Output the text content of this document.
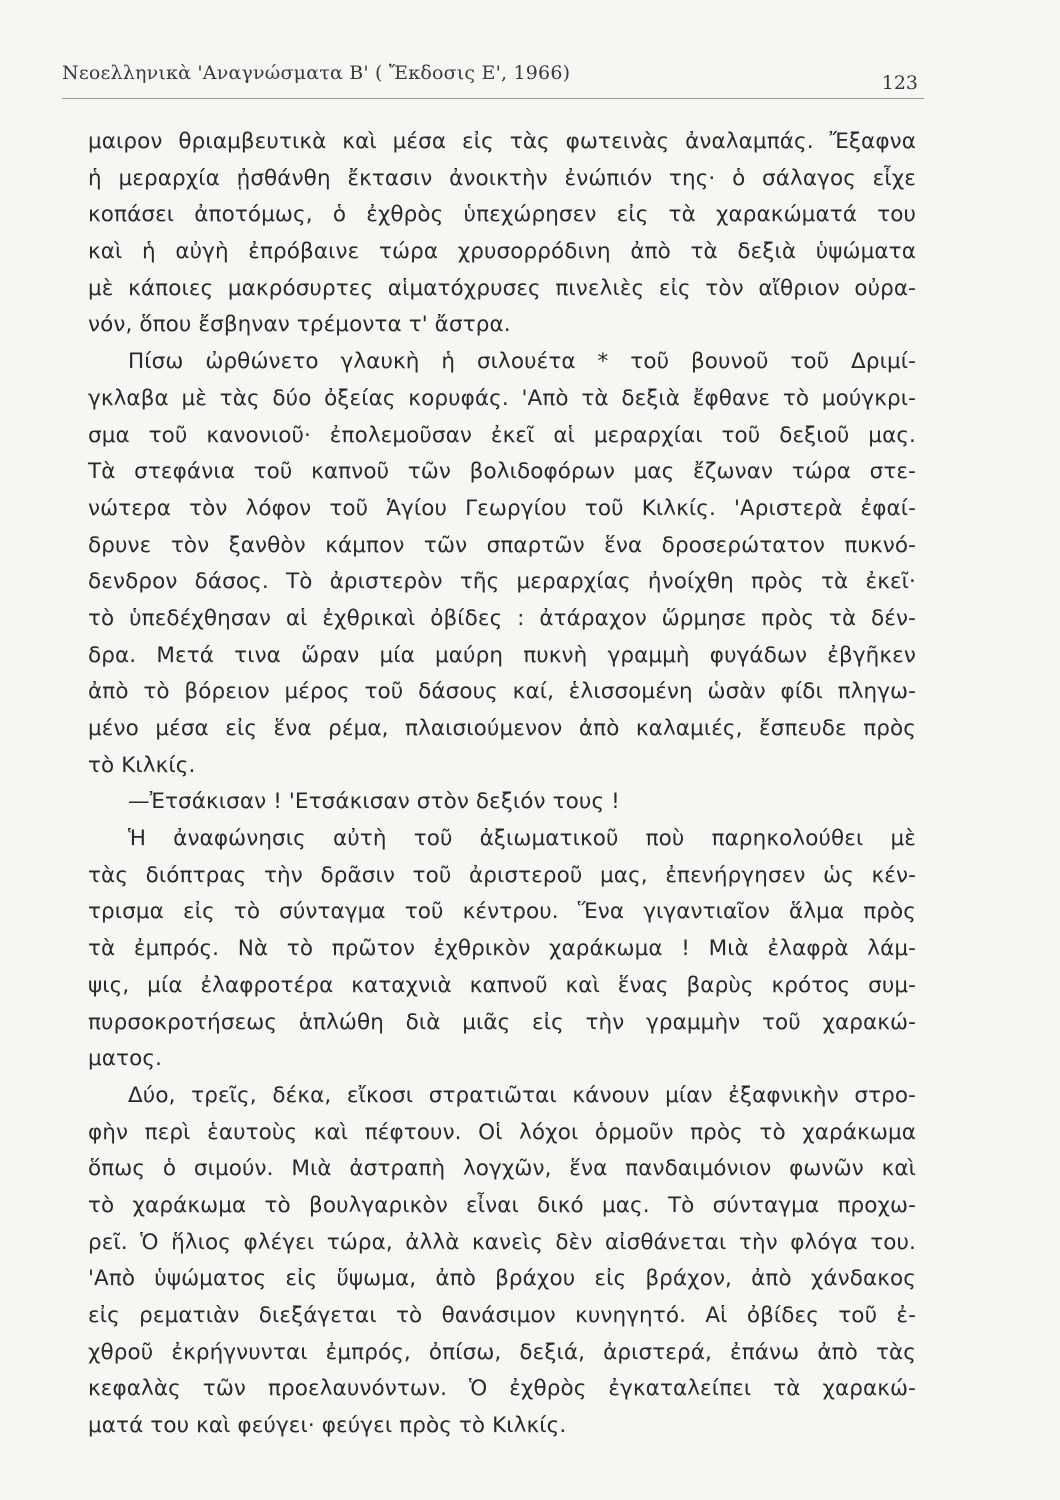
Νεοελληνικὰ 'Αναγνώσματα Β' ( Ἔκδοσις Ε', 1966)	123
μαιρον θριαμβευτικὰ καὶ μέσα εἰς τὰς φωτεινὰς ἀναλαμπάς. Ἔξαφνα
ἡ μεραρχία ᾐσθάνθη ἔκτασιν ἀνοικτὴν ἐνώπιόν της· ὁ σάλαγος εἶχε
κοπάσει ἀποτόμως, ὁ ἐχθρὸς ὑπεχώρησεν εἰς τὰ χαρακώματά του
καὶ ἡ αὐγὴ ἐπρόβαινε τώρα χρυσορρόδινη ἀπὸ τὰ δεξιὰ ὑψώματα
μὲ κάποιες μακρόσυρτες αἱματόχρυσες πινελιὲς εἰς τὸν αἴθριον οὐρα-
νόν, ὅπου ἔσβηναν τρέμοντα τ' ἄστρα.
Πίσω ὠρθώνετο γλαυκὴ ἡ σιλουέτα * τοῦ βουνοῦ τοῦ Δριμί-
γκλαβα μὲ τὰς δύο ὀξείας κορυφάς. 'Απὸ τὰ δεξιὰ ἔφθανε τὸ μούγκρι-
σμα τοῦ κανονιοῦ· ἐπολεμοῦσαν ἐκεῖ αἱ μεραρχίαι τοῦ δεξιοῦ μας.
Τὰ στεφάνια τοῦ καπνοῦ τῶν βολιδοφόρων μας ἔζωναν τώρα στε-
νώτερα τὸν λόφον τοῦ Ἁγίου Γεωργίου τοῦ Κιλκίς. 'Αριστερὰ ἐφαί-
δρυνε τὸν ξανθὸν κάμπον τῶν σπαρτῶν ἕνα δροσερώτατον πυκνό-
δενδρον δάσος. Τὸ ἀριστερὸν τῆς μεραρχίας ἠνοίχθη πρὸς τὰ ἐκεῖ·
τὸ ὑπεδέχθησαν αἱ ἐχθρικαὶ ὀβίδες : ἀτάραχον ὥρμησε πρὸς τὰ δέν-
δρα. Μετά τινα ὥραν μία μαύρη πυκνὴ γραμμὴ φυγάδων ἐβγῆκεν
ἀπὸ τὸ βόρειον μέρος τοῦ δάσους καί, ἑλισσομένη ὡσὰν φίδι πληγω-
μένο μέσα εἰς ἕνα ρέμα, πλαισιούμενον ἀπὸ καλαμιές, ἔσπευδε πρὸς
τὸ Κιλκίς.
—Ἐτσάκισαν ! 'Ετσάκισαν στὸν δεξιόν τους !
Ἡ ἀναφώνησις αὐτὴ τοῦ ἀξιωματικοῦ ποὺ παρηκολούθει μὲ
τὰς διόπτρας τὴν δρᾶσιν τοῦ ἀριστεροῦ μας, ἐπενήργησεν ὡς κέν-
τρισμα εἰς τὸ σύνταγμα τοῦ κέντρου. Ἕνα γιγαντιαῖον ἅλμα πρὸς
τὰ ἐμπρός. Νὰ τὸ πρῶτον ἐχθρικὸν χαράκωμα ! Μιὰ ἐλαφρὰ λάμ-
ψις, μία ἐλαφροτέρα καταχνιὰ καπνοῦ καὶ ἕνας βαρὺς κρότος συμ-
πυρσοκροτήσεως ἁπλώθη διὰ μιᾶς εἰς τὴν γραμμὴν τοῦ χαρακώ-
ματος.
Δύο, τρεῖς, δέκα, εἴκοσι στρατιῶται κάνουν μίαν ἐξαφνικὴν στρο-
φὴν περὶ ἑαυτοὺς καὶ πέφτουν. Οἱ λόχοι ὁρμοῦν πρὸς τὸ χαράκωμα
ὅπως ὁ σιμούν. Μιὰ ἀστραπὴ λογχῶν, ἕνα πανδαιμόνιον φωνῶν καὶ
τὸ χαράκωμα τὸ βουλγαρικὸν εἶναι δικό μας. Τὸ σύνταγμα προχω-
ρεῖ. Ὁ ἥλιος φλέγει τώρα, ἀλλὰ κανεὶς δὲν αἰσθάνεται τὴν φλόγα του.
'Απὸ ὑψώματος εἰς ὕψωμα, ἀπὸ βράχου εἰς βράχον, ἀπὸ χάνδακος
εἰς ρεματιὰν διεξάγεται τὸ θανάσιμον κυνηγητό. Αἱ ὀβίδες τοῦ ἐ-
χθροῦ ἐκρήγνυνται ἐμπρός, ὀπίσω, δεξιά, ἀριστερά, ἐπάνω ἀπὸ τὰς
κεφαλὰς τῶν προελαυνόντων. Ὁ ἐχθρὸς ἐγκαταλείπει τὰ χαρακώ-
ματά του καὶ φεύγει· φεύγει πρὸς τὸ Κιλκίς.
